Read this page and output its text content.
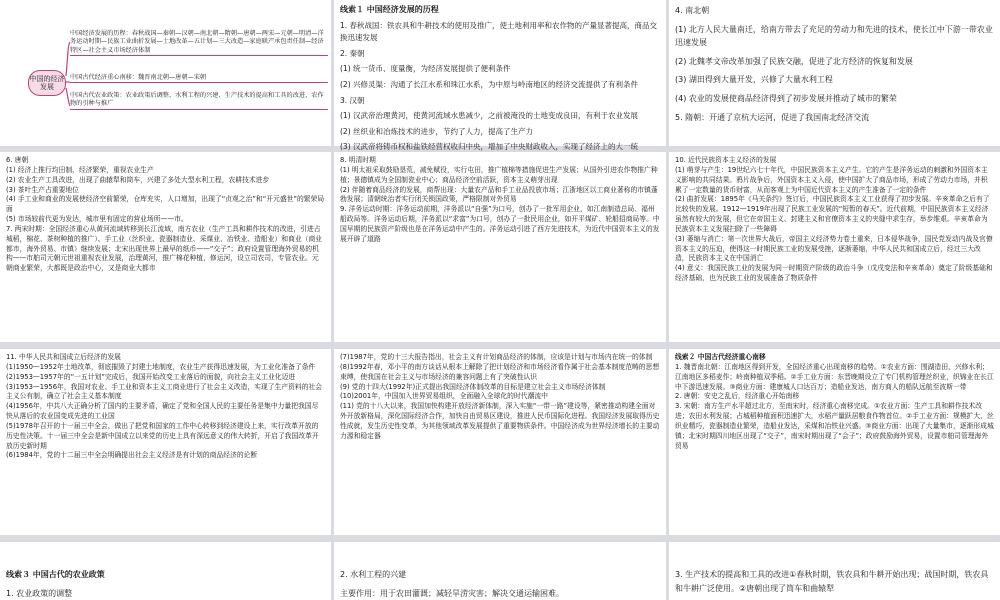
中国的经济发展
中国经济发展的历程：春秋战国—秦朝—汉朝—南北朝—隋朝—唐朝—两宋—元朝—明清—洋务运动时期—民族工业曲折发展—土地改革—五计划—三大改造—家庭联产承包责任制—经济特区—社会主义市场经济体制
中国古代经济重心南移：魏晋南北朝—唐朝—宋朝
中国古代农业政策：农业政策后调整、水利工程的兴建、生产技术的提高和工具的改进、农作物的引种与推广

线索１ 中国经济发展的历程

1. 春秋战国：铁农具和牛耕技术的使用及推广，使土地利用率和农作物的产量显著提高，商品交换迅速发展

2. 秦朝

(1) 统一货币、度量衡，为经济发展提供了便利条件

(2) 兴修灵渠：沟通了长江水系和珠江水系，为中原与岭南地区的经济交流提供了有利条件

3. 汉朝

(1) 汉武帝治理黄河，使黄河流域水患减少，之前被淹没的土地变成良田，有利于农业发展

(2) 丝织业和冶炼技术的进步，节约了人力，提高了生产力

(3) 汉武帝将铸币权和盐铁经营权收归中央，增加了中央财政收入，实现了经济上的大一统

4. 南北朝

(1) 北方人民大量南迁，给南方带去了充足的劳动力和先进的技术，使长江中下游一带农业迅速发展

(2) 北魏孝文帝改革加强了民族交融，促进了北方经济的恢复和发展

(3) 湖田得到大量开发，兴修了大量水利工程

(4) 农业的发展使商品经济得到了初步发展并推动了城市的繁荣

5. 隋朝：开通了京杭大运河，促进了我国南北经济交流

6. 唐朝

(1) 经济上推行均田制，经济繁荣，重视农业生产

(2) 农业生产工具改进，出现了曲辕犁和筒车，兴建了多处大型水利工程，农耕技术进步

(3) 茶叶生产占重要地位

(4) 手工业和商业的发展使经济空前繁荣，仓库充实，人口增加，出现了“贞观之治”和“开元盛世”的繁荣局面

(5) 市场较前代更为发达，城市里有固定的营业场所——市。

7. 两宋时期：全国经济重心从黄河流域转移到长江流域，南方农业（生产工具和耕作技术的改进，引进占城稻，棉花、茶树种植的推广）、手工业（丝织业、瓷器制造业、采煤业、冶铁业、造船业）和商业（商业都市，海外贸易、市镇）继续发展；北宋出现世界上最早的纸币——“交子”；政府设置管理海外贸易的机构——市舶司元朝元世祖重视农业发展，治理黄河，推广棉花种植，修运河，设立司农司，专管农业。元朝商业繁荣，大都既是政治中心，又是商业大都市

8. 明清时期

(1) 明太祖采取鼓励垦荒，减免赋役，实行屯田，推广植棉等措施促进生产发展；从国外引进农作物推广种植；景德镇成为全国制瓷业中心；商品经济空前活跃，资本主义萌芽出现

(2) 伴随着商品经济的发展，商帮出现：大量农产品和手工业品投放市场；江浙地区以工商业著称的市镇蓬勃发展；清朝统治者实行闭关锁国政策，严格限制对外贸易

9. 洋务运动时期：洋务运动前期，洋务派以“自强”为口号，创办了一批军用企业，如江南制造总局、福州船政局等。洋务运动后期，洋务派以“求富”为口号，创办了一批民用企业，如开平煤矿、轮船招商局等。中国早期的民族资产阶级也是在洋务运动中产生的。洋务运动引进了西方先进技术，为近代中国资本主义的发展开辟了道路

10. 近代民族资本主义经济的发展

(1) 萌芽与产生：19世纪六七十年代，中国民族资本主义产生。它的产生是洋务运动的刺激和外国资本主义影响的共同结果。鸦片战争后，外国资本主义入侵，使中国扩大了商品市场，形成了劳动力市场，并积累了一定数量的货币财富，从而客观上为中国近代资本主义的产生准备了一定的条件

(2) 曲折发展：1895年《马关条约》签订后，中国民族资本主义工业获得了初步发展。辛亥革命之后有了比较快的发展。1912—1919年出现了民族工业发展的“短暂的春天”。近代前期，中国民族资本主义经济虽然有较大的发展，但它在帝国主义、封建主义和官僚资本主义的夹缝中求生存，举步维艰。辛亥革命为民族资本主义发展扫除了一些障碍

(3) 萎缩与消亡：第一次世界大战后，帝国主义经济势力卷土重来，日本侵华战争，国民党发动内战及官僚资本主义的压迫，使得这一时期民族工业的发展受挫，逐渐萎缩，中华人民共和国成立后，经过三大改造，民族资本主义在中国消亡

(4) 意义：我国民族工业的发展为同一时期资产阶级的政治斗争（戊戌变法和辛亥革命）奠定了阶级基础和经济基础，也为民族工业的发展准备了物质条件

11. 中华人民共和国成立后经济的发展

(1)1950—1952年土地改革，彻底摧毁了封建土地制度，农业生产获得迅速发展，为工业化准备了条件

(2)1953—1957年的“一五计划”完成后，我国开始改变工业落后的面貌，向社会主义工业化迈进

(3)1953—1956年，我国对农业、手工业和资本主义工商业进行了社会主义改造，实现了生产资料的社会主义公有制，确立了社会主义基本制度

(4)1956年，中共八大正确分析了国内的主要矛盾，确定了党和全国人民的主要任务是集中力量把我国尽快从落后的农业国变成先进的工业国

(5)1978年召开的十一届三中全会，做出了把党和国家的工作中心转移到经济建设上来，实行改革开放的历史性决策。十一届三中全会是新中国成立以来党的历史上具有深远意义的伟大转折，开启了我国改革开放历史新时期

(6)1984年，党的十二届三中全会明确提出社会主义经济是有计划的商品经济的论断

(7)1987年，党的十三大报告指出，社会主义有计划商品经济的体制，应该是计划与市场内在统一的体制

(8)1992年春，邓小平的南方谈话从根本上解除了把计划经济和市场经济看作属于社会基本制度范畴的思想束缚，使我国在社会主义与市场经济的兼容问题上有了突破性认识

(9) 党的十四大(1992年)正式提出我国经济体制改革的目标是建立社会主义市场经济体制

(10)2001年，中国加入世界贸易组织，全面融入全球化的时代潮流中

(11) 党的十八大以来，我国加快构建开放经济新体制，深入实施“一带一路”建设等，紧密推动构建全面对外开放新格局，深化国际经济合作，加快自由贸易区建设，推进人民币国际化进程。我国经济发展取得历史性成就，发生历史性变革，为其他领域改革发展提供了重要物质条件。中国经济成为世界经济增长的主要动力源和稳定器

线索２ 中国古代经济重心南移

1. 魏晋南北朝：江南地区得到开发，全国经济重心出现南移的趋势。①农业方面：围湖造田，兴修水利；江南地区多稻麦作；岭南种植双季稻。②手工业方面：东晋晚期设立了专门机构管理丝织业，织锦业在长江中下游迅速发展。③商业方面：建康城人口达百万；造船业发达，南方商人的船队远航至波斯一带

2. 唐朝：安史之乱后，经济重心开始南移

3. 宋朝：南方生产水平超过北方，至南宋时，经济重心南移完成。①农业方面：生产工具和耕作技术改进；农田水利发展；占城稻种植面积迅速扩大，水稻产量跃居粮食作物首位。②手工业方面：规模扩大，丝织业精巧，瓷器制造业繁荣，造船业发达，采煤和冶铁业兴盛。③商业方面：出现了大量集市，逐渐形成城镇；北宋时期四川地区出现了“交子”，南宋时期出现了“会子”；政府鼓励海外贸易，设置市舶司管理海外贸易

线索３ 中国古代的农业政策

1. 农业政策的调整

2. 水利工程的兴建

主要作用：用于农田灌溉；减轻旱涝灾害；解决交通运输困难。

3. 生产技术的提高和工具的改进①春秋时期，铁农具和牛耕开始出现；战国时期，铁农具和牛耕广泛使用。②唐朝出现了筒车和曲辕犁
